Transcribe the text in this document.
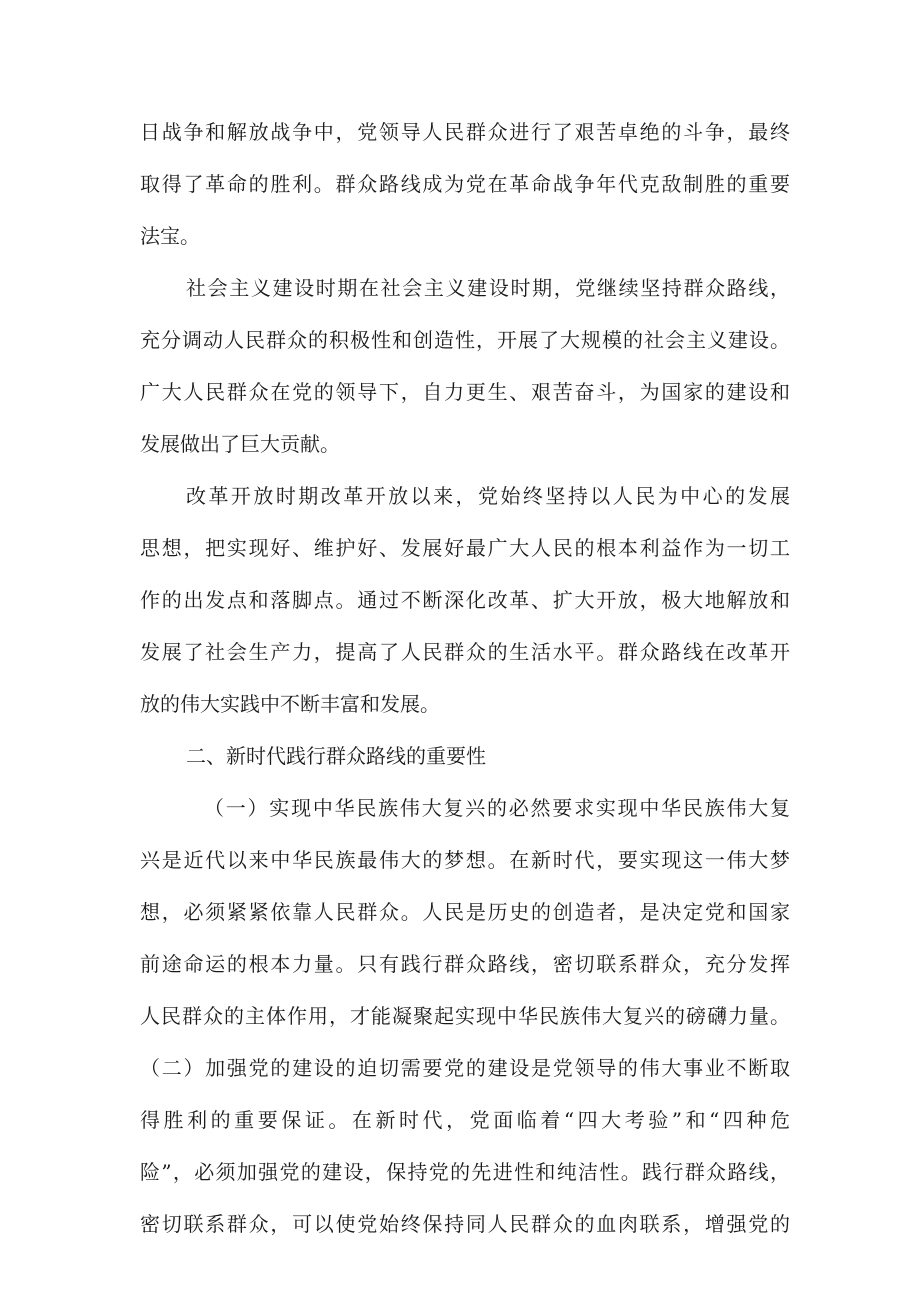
日战争和解放战争中，党领导人民群众进行了艰苦卓绝的斗争，最终
取得了革命的胜利。群众路线成为党在革命战争年代克敌制胜的重要
法宝。
社会主义建设时期在社会主义建设时期，党继续坚持群众路线，
充分调动人民群众的积极性和创造性，开展了大规模的社会主义建设。
广大人民群众在党的领导下，自力更生、艰苦奋斗，为国家的建设和
发展做出了巨大贡献。
改革开放时期改革开放以来，党始终坚持以人民为中心的发展
思想，把实现好、维护好、发展好最广大人民的根本利益作为一切工
作的出发点和落脚点。通过不断深化改革、扩大开放，极大地解放和
发展了社会生产力，提高了人民群众的生活水平。群众路线在改革开
放的伟大实践中不断丰富和发展。
二、新时代践行群众路线的重要性
（一）实现中华民族伟大复兴的必然要求实现中华民族伟大复
兴是近代以来中华民族最伟大的梦想。在新时代，要实现这一伟大梦
想，必须紧紧依靠人民群众。人民是历史的创造者，是决定党和国家
前途命运的根本力量。只有践行群众路线，密切联系群众，充分发挥
人民群众的主体作用，才能凝聚起实现中华民族伟大复兴的磅礴力量。
（二）加强党的建设的迫切需要党的建设是党领导的伟大事业不断取
得胜利的重要保证。在新时代，党面临着“四大考验”和“四种危
险”，必须加强党的建设，保持党的先进性和纯洁性。践行群众路线，
密切联系群众，可以使党始终保持同人民群众的血肉联系，增强党的
